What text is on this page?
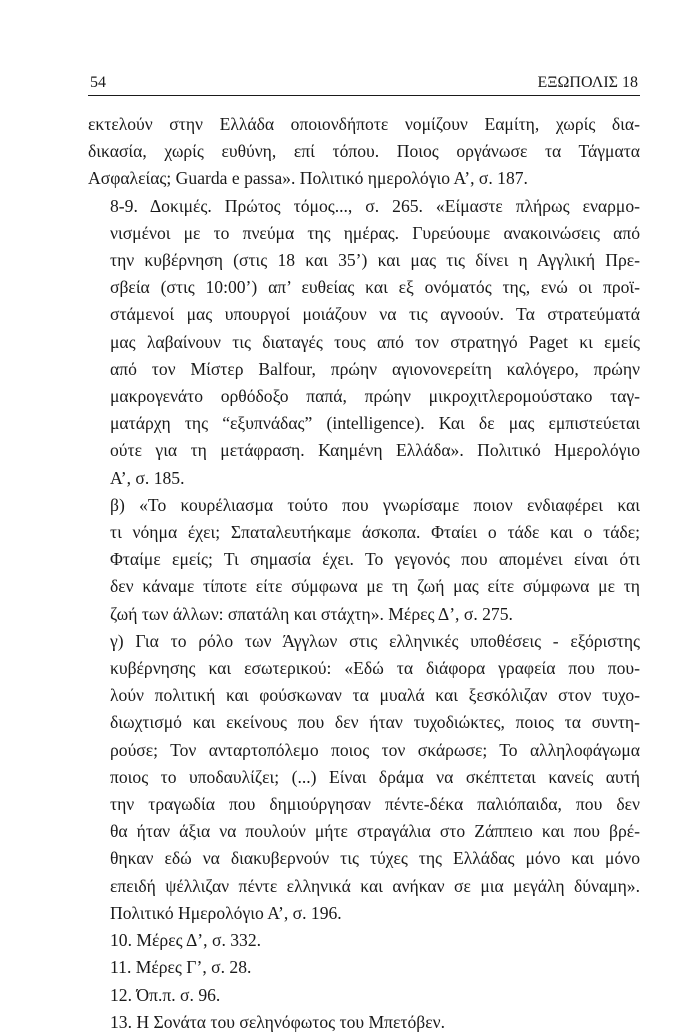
54	ΕΞΩΠΟΛΙΣ 18

εκτελούν στην Ελλάδα οποιονδήποτε νομίζουν Εαμίτη, χωρίς δια-
δικασία, χωρίς ευθύνη, επί τόπου. Ποιος οργάνωσε τα Τάγματα
Ασφαλείας; Guarda e passa». Πολιτικό ημερολόγιο Α’, σ. 187.

8-9. Δοκιμές. Πρώτος τόμος..., σ. 265. «Είμαστε πλήρως εναρμο-
νισμένοι με το πνεύμα της ημέρας. Γυρεύουμε ανακοινώσεις από
την κυβέρνηση (στις 18 και 35’) και μας τις δίνει η Αγγλική Πρε-
σβεία (στις 10:00’) απ’ ευθείας και εξ ονόματός της, ενώ οι προϊ-
στάμενοί μας υπουργοί μοιάζουν να τις αγνοούν. Τα στρατεύματά
μας λαβαίνουν τις διαταγές τους από τον στρατηγό Paget κι εμείς
από τον Μίστερ Balfour, πρώην αγιονονερείτη καλόγερο, πρώην
μακρογενάτο ορθόδοξο παπά, πρώην μικροχιτλερομούστακο ταγ-
ματάρχη της “εξυπνάδας” (intelligence). Και δε μας εμπιστεύεται
ούτε για τη μετάφραση. Καημένη Ελλάδα». Πολιτικό Ημερολόγιο
Α’, σ. 185.

β) «Το κουρέλιασμα τούτο που γνωρίσαμε ποιον ενδιαφέρει και
τι νόημα έχει; Σπαταλευτήκαμε άσκοπα. Φταίει ο τάδε και ο τάδε;
Φταίμε εμείς; Τι σημασία έχει. Το γεγονός που απομένει είναι ότι
δεν κάναμε τίποτε είτε σύμφωνα με τη ζωή μας είτε σύμφωνα με τη
ζωή των άλλων: σπατάλη και στάχτη». Μέρες Δ’, σ. 275.

γ) Για το ρόλο των Άγγλων στις ελληνικές υποθέσεις - εξόριστης
κυβέρνησης και εσωτερικού: «Εδώ τα διάφορα γραφεία που που-
λούν πολιτική και φούσκωναν τα μυαλά και ξεσκόλιζαν στον τυχο-
διωχτισμό και εκείνους που δεν ήταν τυχοδιώκτες, ποιος τα συντη-
ρούσε; Τον ανταρτοπόλεμο ποιος τον σκάρωσε; Το αλληλοφάγωμα
ποιος το υποδαυλίζει; (...) Είναι δράμα να σκέπτεται κανείς αυτή
την τραγωδία που δημιούργησαν πέντε-δέκα παλιόπαιδα, που δεν
θα ήταν άξια να πουλούν μήτε στραγάλια στο Ζάππειο και που βρέ-
θηκαν εδώ να διακυβερνούν τις τύχες της Ελλάδας μόνο και μόνο
επειδή ψέλλιζαν πέντε ελληνικά και ανήκαν σε μια μεγάλη δύναμη».
Πολιτικό Ημερολόγιο Α’, σ. 196.

10. Μέρες Δ’, σ. 332.

11. Μέρες Γ’, σ. 28.

12. Όπ.π. σ. 96.

13. Η Σονάτα του σεληνόφωτος του Μπετόβεν.
